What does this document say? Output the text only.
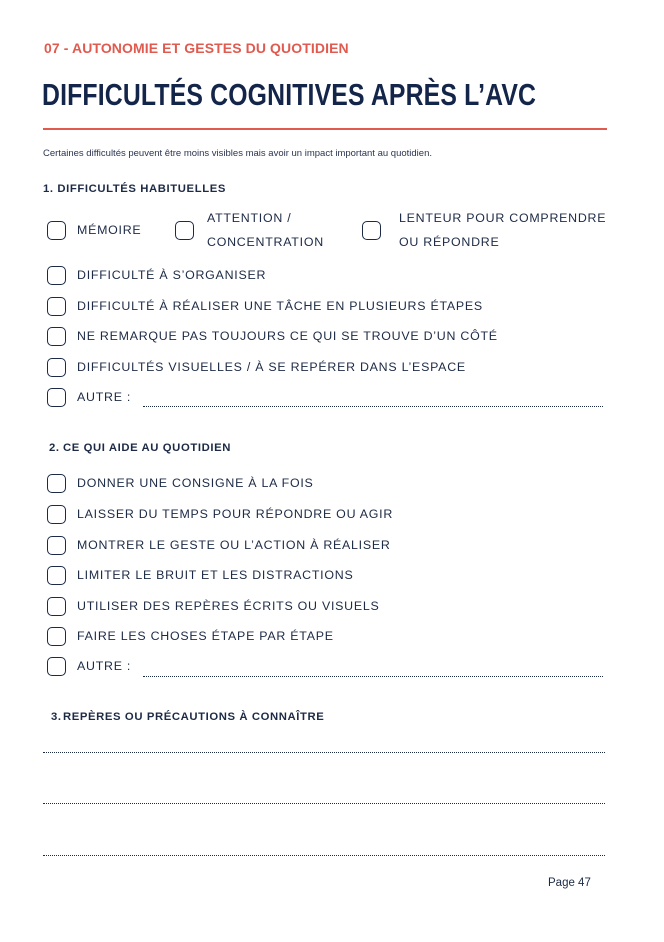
07 - AUTONOMIE ET GESTES DU QUOTIDIEN
DIFFICULTÉS COGNITIVES APRÈS L’AVC
Certaines difficultés peuvent être moins visibles mais avoir un impact important au quotidien.
1. DIFFICULTÉS HABITUELLES
MÉMOIRE
ATTENTION /
CONCENTRATION
LENTEUR POUR COMPRENDRE
OU RÉPONDRE
DIFFICULTÉ À S’ORGANISER
DIFFICULTÉ À RÉALISER UNE TÂCHE EN PLUSIEURS ÉTAPES
NE REMARQUE PAS TOUJOURS CE QUI SE TROUVE D’UN CÔTÉ
DIFFICULTÉS VISUELLES / À SE REPÉRER DANS L’ESPACE
AUTRE :
2. CE QUI AIDE AU QUOTIDIEN
DONNER UNE CONSIGNE À LA FOIS
LAISSER DU TEMPS POUR RÉPONDRE OU AGIR
MONTRER LE GESTE OU L’ACTION À RÉALISER
LIMITER LE BRUIT ET LES DISTRACTIONS
UTILISER DES REPÈRES ÉCRITS OU VISUELS
FAIRE LES CHOSES ÉTAPE PAR ÉTAPE
AUTRE :
3. REPÈRES OU PRÉCAUTIONS À CONNAÎTRE
Page 47
